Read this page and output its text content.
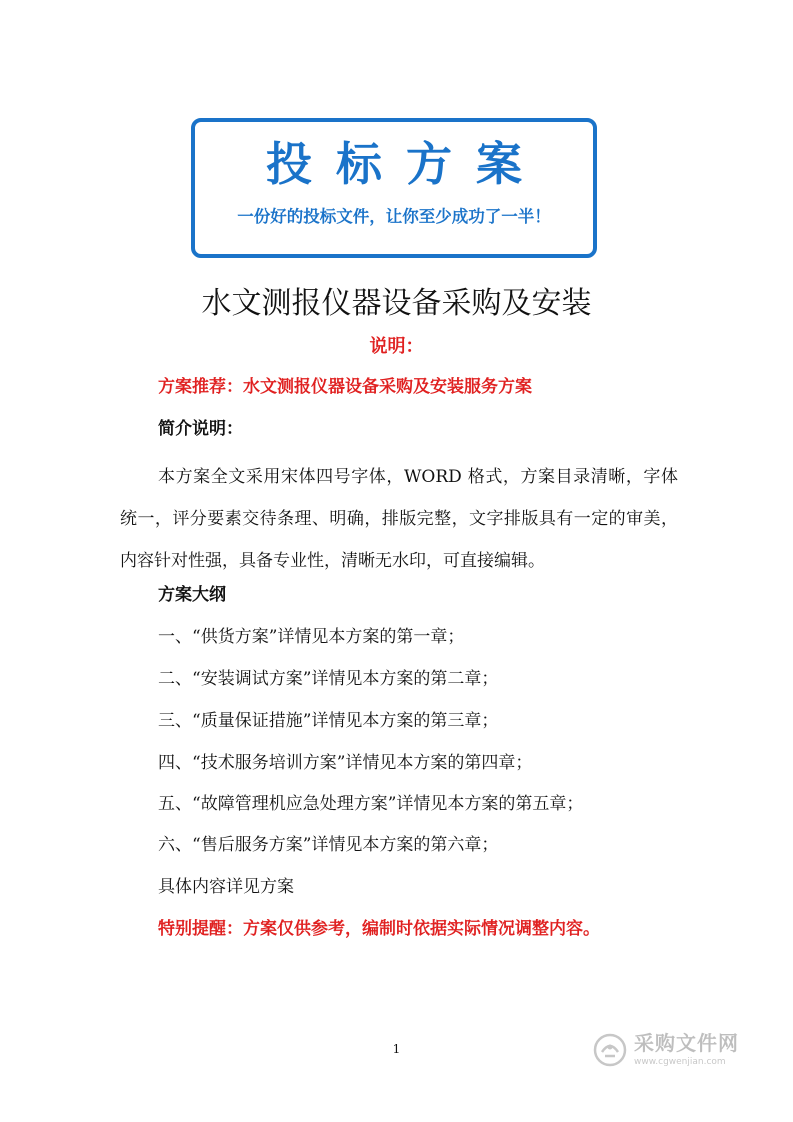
投标方案
一份好的投标文件，让你至少成功了一半！
水文测报仪器设备采购及安装
说明：
方案推荐：水文测报仪器设备采购及安装服务方案
简介说明：
本方案全文采用宋体四号字体，WORD 格式，方案目录清晰，字体统一，评分要素交待条理、明确，排版完整，文字排版具有一定的审美，内容针对性强，具备专业性，清晰无水印，可直接编辑。
方案大纲
一、“供货方案”详情见本方案的第一章；
二、“安装调试方案”详情见本方案的第二章；
三、“质量保证措施”详情见本方案的第三章；
四、“技术服务培训方案”详情见本方案的第四章；
五、“故障管理机应急处理方案”详情见本方案的第五章；
六、“售后服务方案”详情见本方案的第六章；
具体内容详见方案
特别提醒：方案仅供参考，编制时依据实际情况调整内容。
1	采购文件网
www.cgwenjian.com
